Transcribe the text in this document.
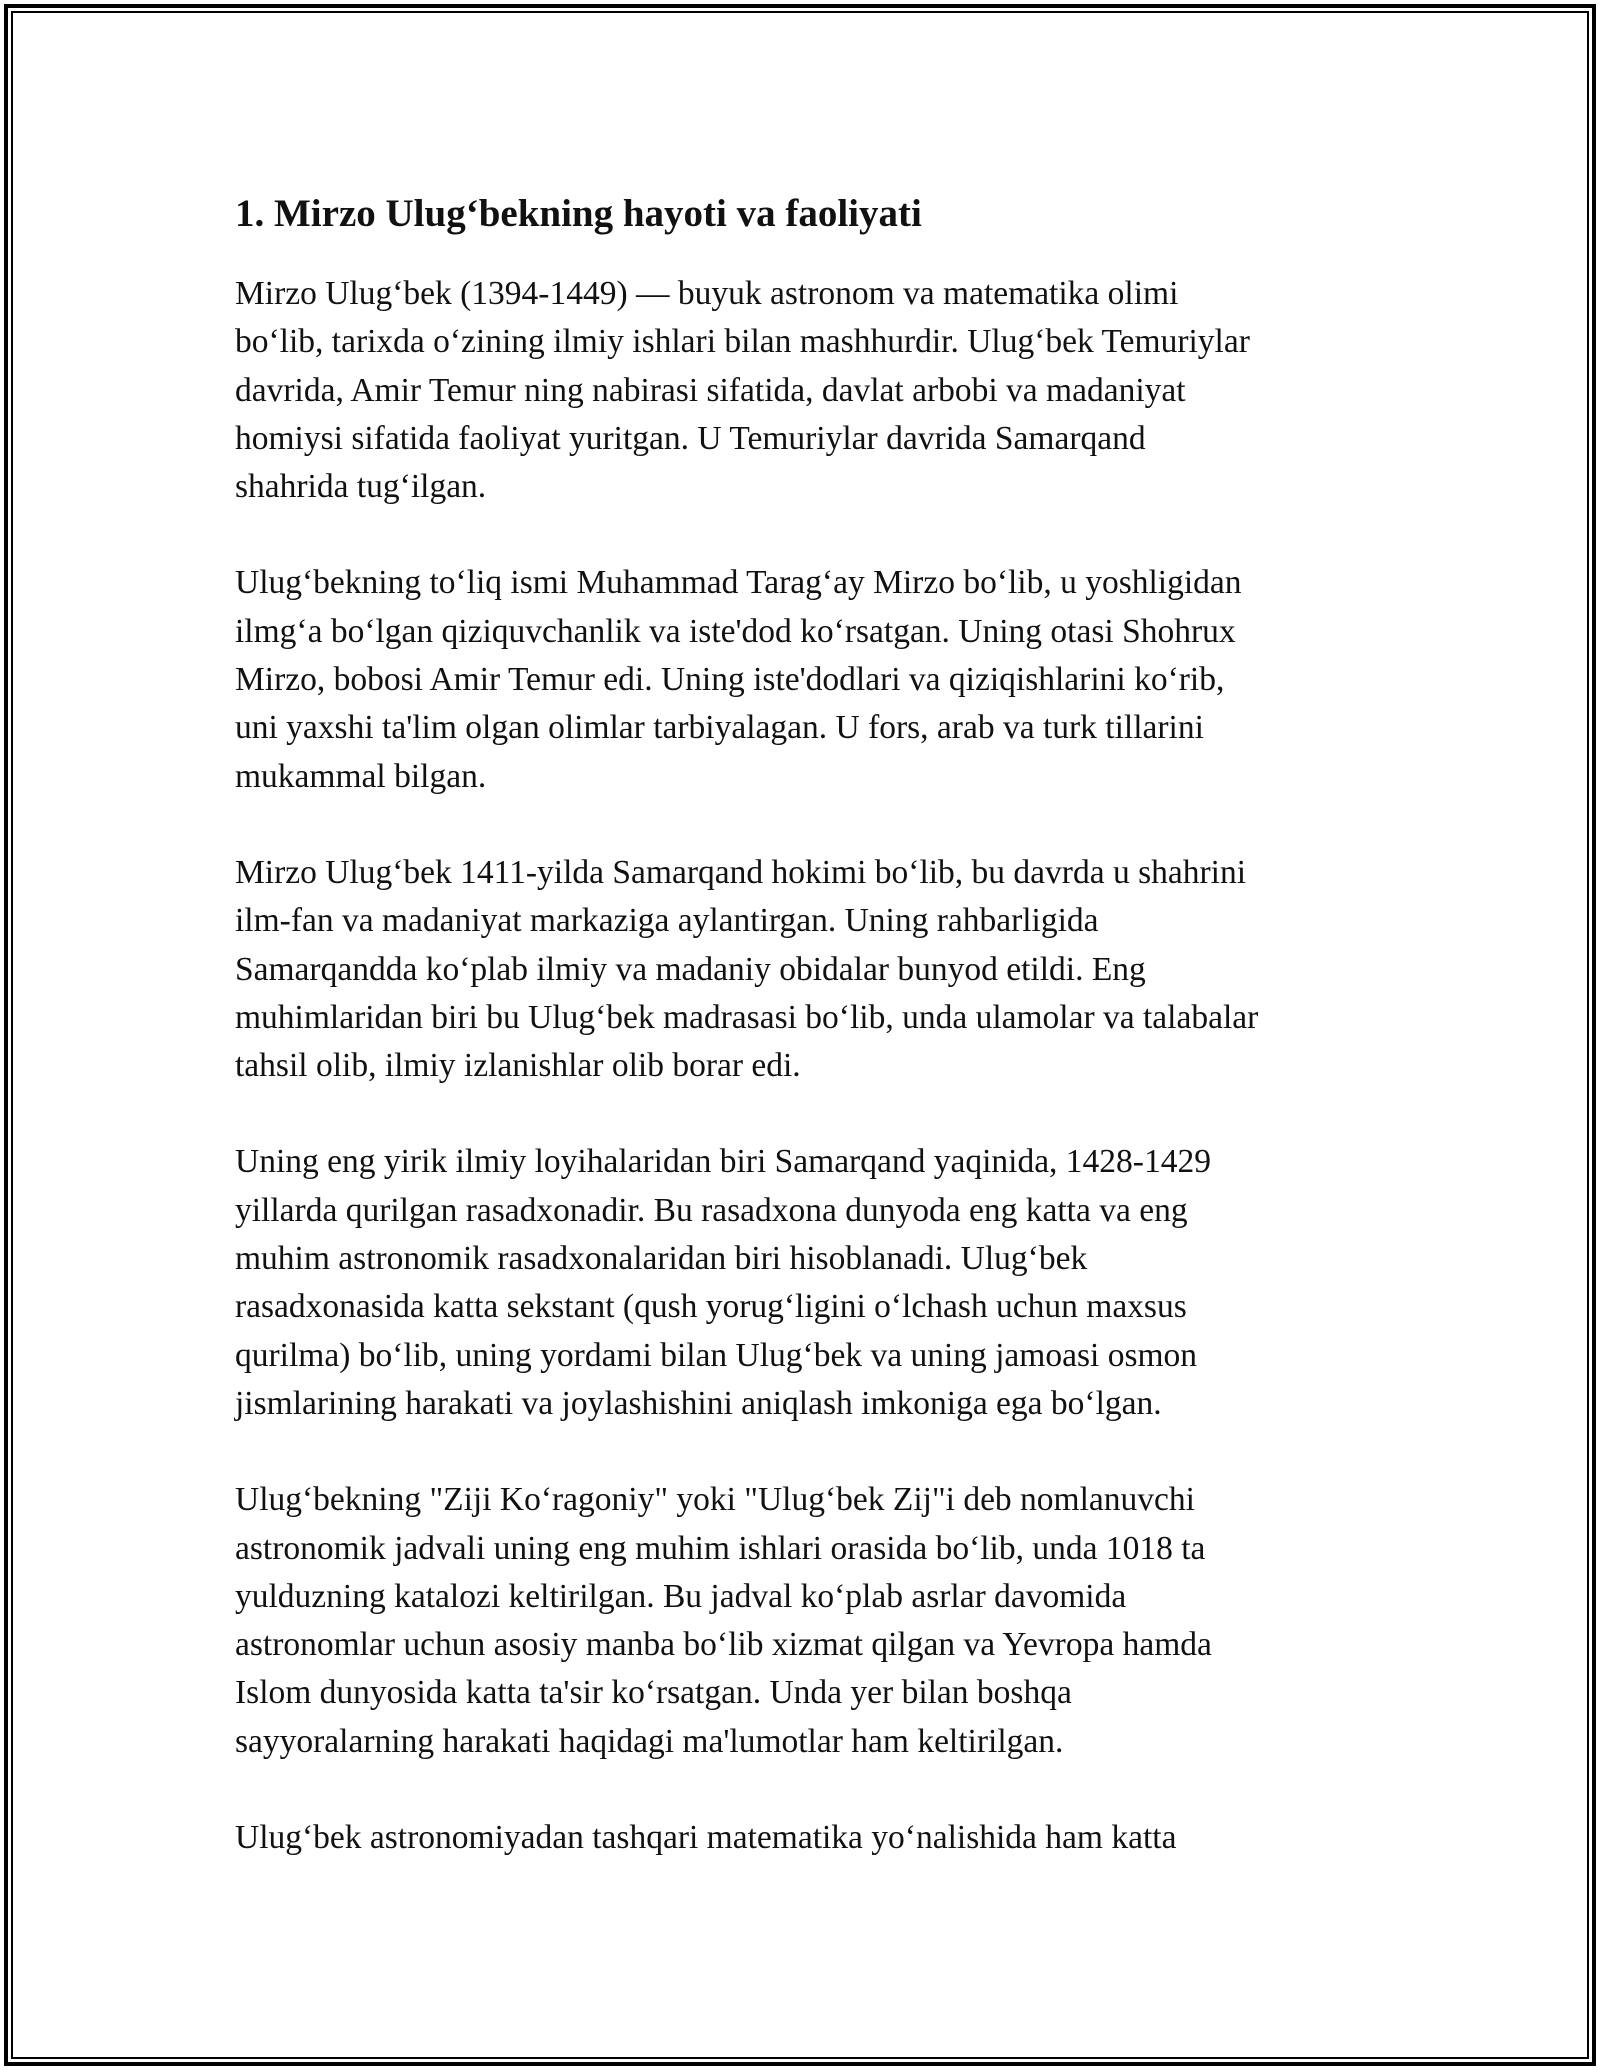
1. Mirzo Ulug‘bekning hayoti va faoliyati

Mirzo Ulug‘bek (1394-1449) — buyuk astronom va matematika olimi
bo‘lib, tarixda o‘zining ilmiy ishlari bilan mashhurdir. Ulug‘bek Temuriylar
davrida, Amir Temur ning nabirasi sifatida, davlat arbobi va madaniyat
homiysi sifatida faoliyat yuritgan. U Temuriylar davrida Samarqand
shahrida tug‘ilgan.

Ulug‘bekning to‘liq ismi Muhammad Tarag‘ay Mirzo bo‘lib, u yoshligidan
ilmg‘a bo‘lgan qiziquvchanlik va iste'dod ko‘rsatgan. Uning otasi Shohrux
Mirzo, bobosi Amir Temur edi. Uning iste'dodlari va qiziqishlarini ko‘rib,
uni yaxshi ta'lim olgan olimlar tarbiyalagan. U fors, arab va turk tillarini
mukammal bilgan.

Mirzo Ulug‘bek 1411-yilda Samarqand hokimi bo‘lib, bu davrda u shahrini
ilm-fan va madaniyat markaziga aylantirgan. Uning rahbarligida
Samarqandda ko‘plab ilmiy va madaniy obidalar bunyod etildi. Eng
muhimlaridan biri bu Ulug‘bek madrasasi bo‘lib, unda ulamolar va talabalar
tahsil olib, ilmiy izlanishlar olib borar edi.

Uning eng yirik ilmiy loyihalaridan biri Samarqand yaqinida, 1428-1429
yillarda qurilgan rasadxonadir. Bu rasadxona dunyoda eng katta va eng
muhim astronomik rasadxonalaridan biri hisoblanadi. Ulug‘bek
rasadxonasida katta sekstant (qush yorug‘ligini o‘lchash uchun maxsus
qurilma) bo‘lib, uning yordami bilan Ulug‘bek va uning jamoasi osmon
jismlarining harakati va joylashishini aniqlash imkoniga ega bo‘lgan.

Ulug‘bekning "Ziji Ko‘ragoniy" yoki "Ulug‘bek Zij"i deb nomlanuvchi
astronomik jadvali uning eng muhim ishlari orasida bo‘lib, unda 1018 ta
yulduzning katalozi keltirilgan. Bu jadval ko‘plab asrlar davomida
astronomlar uchun asosiy manba bo‘lib xizmat qilgan va Yevropa hamda
Islom dunyosida katta ta'sir ko‘rsatgan. Unda yer bilan boshqa
sayyoralarning harakati haqidagi ma'lumotlar ham keltirilgan.

Ulug‘bek astronomiyadan tashqari matematika yo‘nalishida ham katta
